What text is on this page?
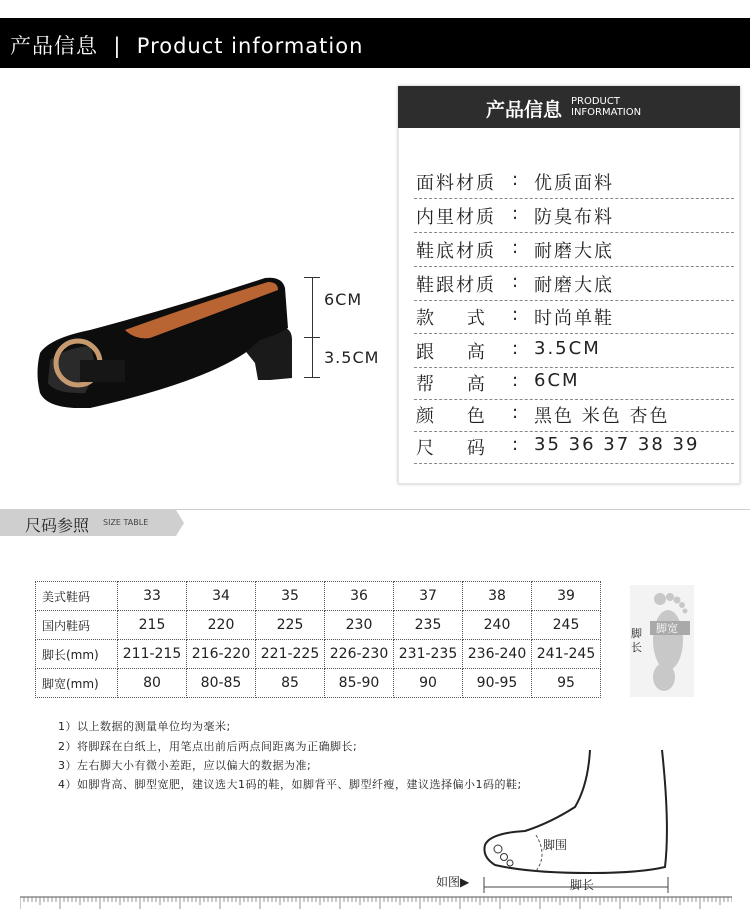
产品信息  |  Product information
6CM
3.5CM
产品信息 PRODUCT
INFORMATION
面料材质 : 优质面料
内里材质 : 防臭布料
鞋底材质 : 耐磨大底
鞋跟材质 : 耐磨大底
款    式 : 时尚单鞋
跟    高 : 3.5CM
帮    高 : 6CM
颜    色 : 黑色 米色 杏色
尺    码 : 35 36 37 38 39
尺码参照 SIZE TABLE
美式鞋码	33	34	35	36	37	38	39
国内鞋码	215	220	225	230	235	240	245
脚长(mm)	211-215	216-220	221-225	226-230	231-235	236-240	241-245
脚宽(mm)	80	80-85	85	85-90	90	90-95	95
脚长
脚宽
1）以上数据的测量单位均为毫米;
2）将脚踩在白纸上，用笔点出前后两点间距离为正确脚长;
3）左右脚大小有微小差距，应以偏大的数据为准;
4）如脚背高、脚型宽肥，建议选大1码的鞋，如脚背平、脚型纤瘦，建议选择偏小1码的鞋;
脚围
脚长
如图▶
